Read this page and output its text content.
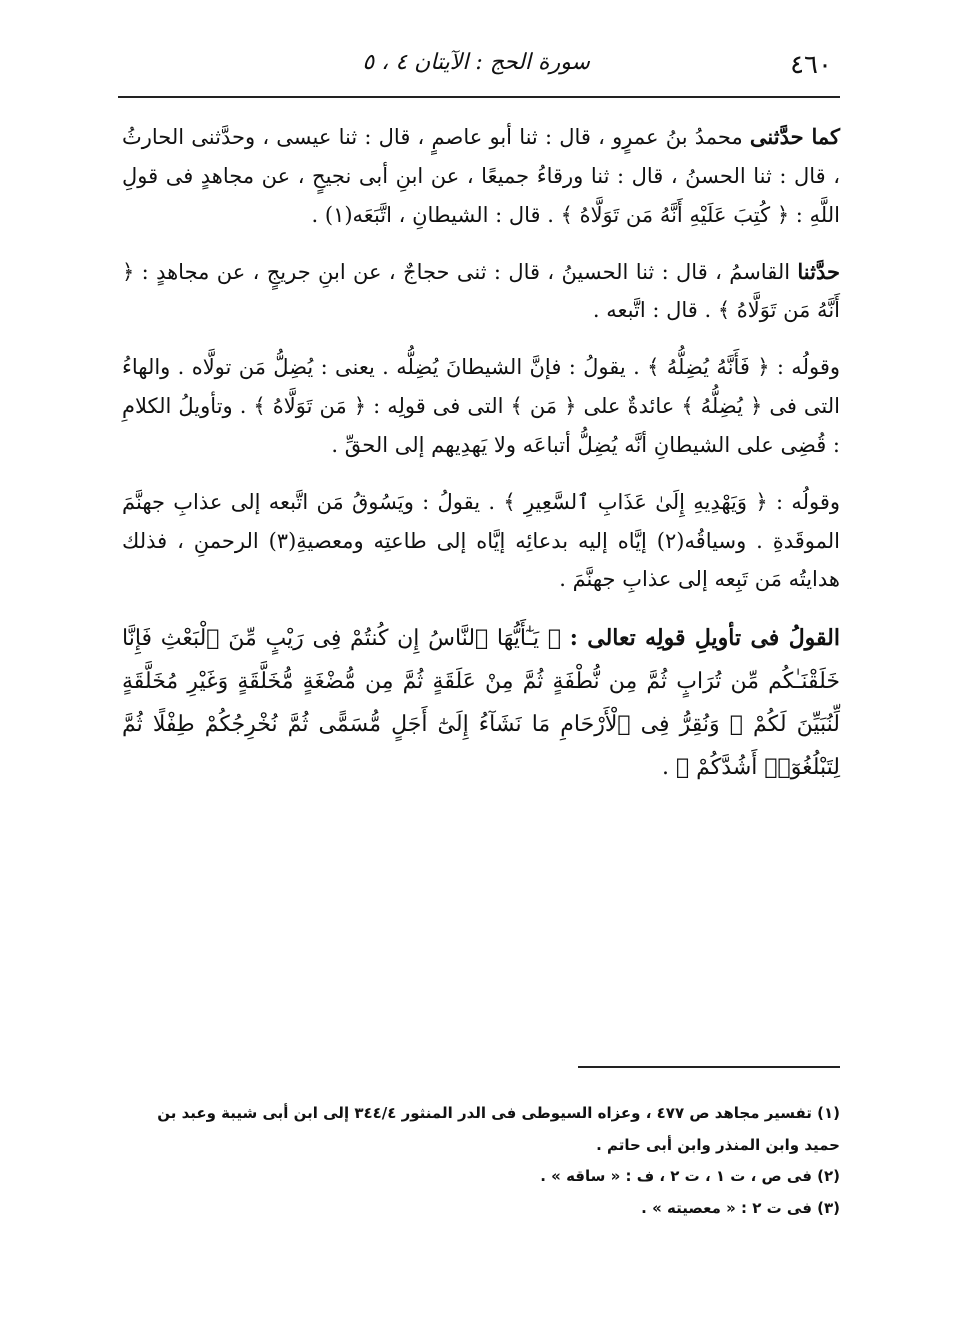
٤٦٠
سورة الحج : الآيتان ٤ ، ٥

كما حدَّثنى محمدُ بنُ عمرٍو ، قال : ثنا أبو عاصمٍ ، قال : ثنا عيسى ، وحدَّثنى الحارثُ ، قال : ثنا الحسنُ ، قال : ثنا ورقاءُ جميعًا ، عن ابنِ أبى نجيحٍ ، عن مجاهدٍ فى قولِ اللَّهِ : ﴿ كُتِبَ عَلَيْهِ أَنَّهُ مَن تَوَلَّاهُ ﴾ . قال : الشيطانِ ، اتَّبَعَه(١) .

حدَّثنا القاسمُ ، قال : ثنا الحسينُ ، قال : ثنى حجاجٌ ، عن ابنِ جريجٍ ، عن مجاهدٍ : ﴿ أَنَّهُ مَن تَوَلَّاهُ ﴾ . قال : اتَّبعه .

وقولُه : ﴿ فَأَنَّهُ يُضِلُّهُ ﴾ . يقولُ : فإنَّ الشيطانَ يُضِلُّه . يعنى : يُضِلُّ مَن تولَّاه . والهاءُ التى فى ﴿ يُضِلُّهُ ﴾ عائدةٌ على ﴿ مَن ﴾ التى فى قولِه : ﴿ مَن تَوَلَّاهُ ﴾ . وتأويلُ الكلامِ : قُضِى على الشيطانِ أنَّه يُضِلُّ أتباعَه ولا يَهدِيهم إلى الحقِّ .

وقولُه : ﴿ وَيَهْدِيهِ إِلَىٰ عَذَابِ ٱلسَّعِيرِ ﴾ . يقولُ : ويَسُوقُ مَن اتَّبعه إلى عذابِ جهنَّمَ الموقَدةِ . وسياقُه(٢) إيَّاه إليه بدعائِه إيَّاه إلى طاعتِه ومعصيةِ(٣) الرحمنِ ، فذلك هدايتُه مَن تَبِعه إلى عذابِ جهنَّمَ .

القولُ فى تأويلِ قولِه تعالى : ﴿ يَـٰٓأَيُّهَا ٱلنَّاسُ إِن كُنتُمْ فِى رَيْبٍ مِّنَ ٱلْبَعْثِ فَإِنَّا خَلَقْنَـٰكُم مِّن تُرَابٍ ثُمَّ مِن نُّطْفَةٍ ثُمَّ مِنْ عَلَقَةٍ ثُمَّ مِن مُّضْغَةٍ مُّخَلَّقَةٍ وَغَيْرِ مُخَلَّقَةٍ لِّنُبَيِّنَ لَكُمْ ۚ وَنُقِرُّ فِى ٱلْأَرْحَامِ مَا نَشَآءُ إِلَىٰٓ أَجَلٍ مُّسَمًّى ثُمَّ نُخْرِجُكُمْ طِفْلًا ثُمَّ لِتَبْلُغُوٓا۟ أَشُدَّكُمْ ﴾ .

(١) تفسير مجاهد ص ٤٧٧ ، وعزاه السيوطى فى الدر المنثور ٣٤٤/٤ إلى ابن أبى شيبة وعبد بن حميد وابن المنذر وابن أبى حاتم .

(٢) فى ص ، ت ١ ، ت ٢ ، ف : « ساقه » .

(٣) فى ت ٢ : « معصيته » .
